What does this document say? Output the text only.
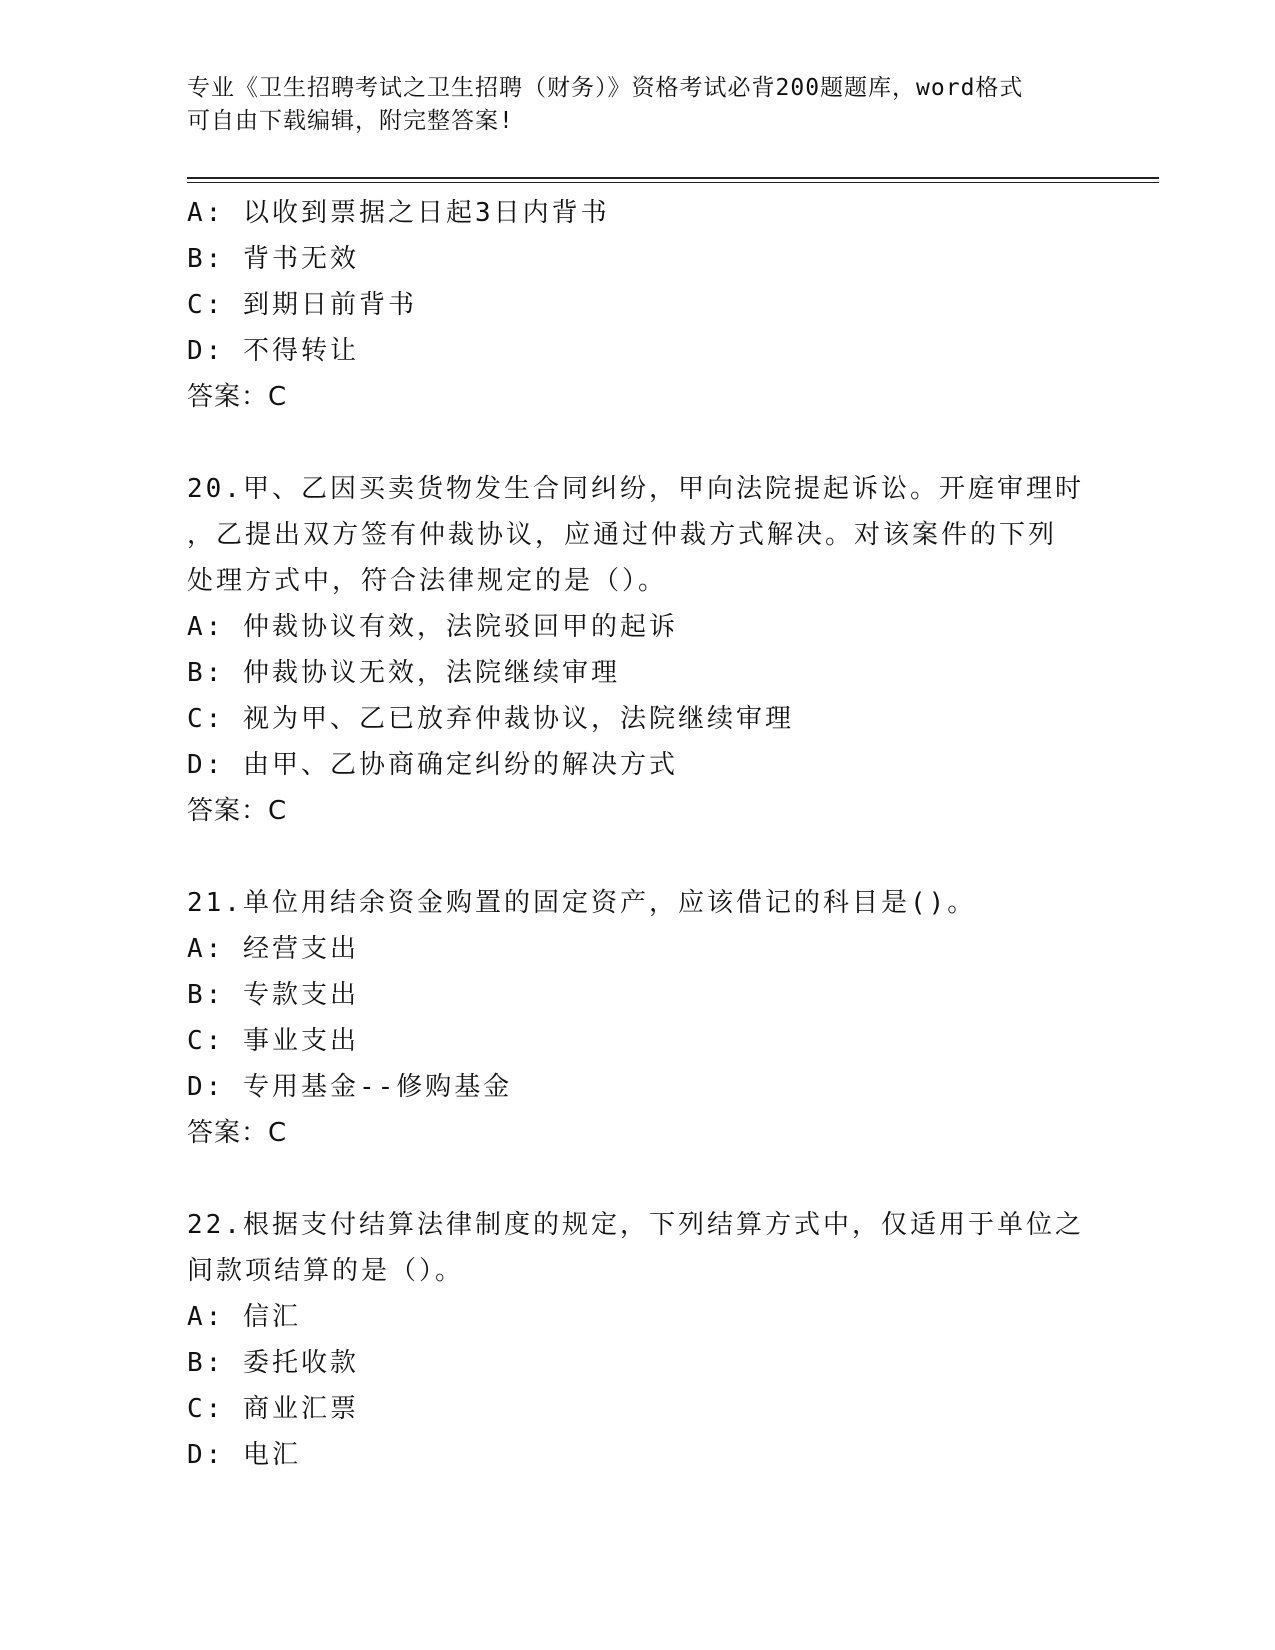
专业《卫生招聘考试之卫生招聘（财务）》资格考试必背200题题库，word格式
可自由下载编辑，附完整答案!
A: 以收到票据之日起3日内背书
B: 背书无效
C: 到期日前背书
D: 不得转让
答案：C
20.甲、乙因买卖货物发生合同纠纷，甲向法院提起诉讼。开庭审理时
，乙提出双方签有仲裁协议，应通过仲裁方式解决。对该案件的下列
处理方式中，符合法律规定的是（）。
A: 仲裁协议有效，法院驳回甲的起诉
B: 仲裁协议无效，法院继续审理
C: 视为甲、乙已放弃仲裁协议，法院继续审理
D: 由甲、乙协商确定纠纷的解决方式
答案：C
21.单位用结余资金购置的固定资产，应该借记的科目是()。
A: 经营支出
B: 专款支出
C: 事业支出
D: 专用基金--修购基金
答案：C
22.根据支付结算法律制度的规定，下列结算方式中，仅适用于单位之
间款项结算的是（）。
A: 信汇
B: 委托收款
C: 商业汇票
D: 电汇
